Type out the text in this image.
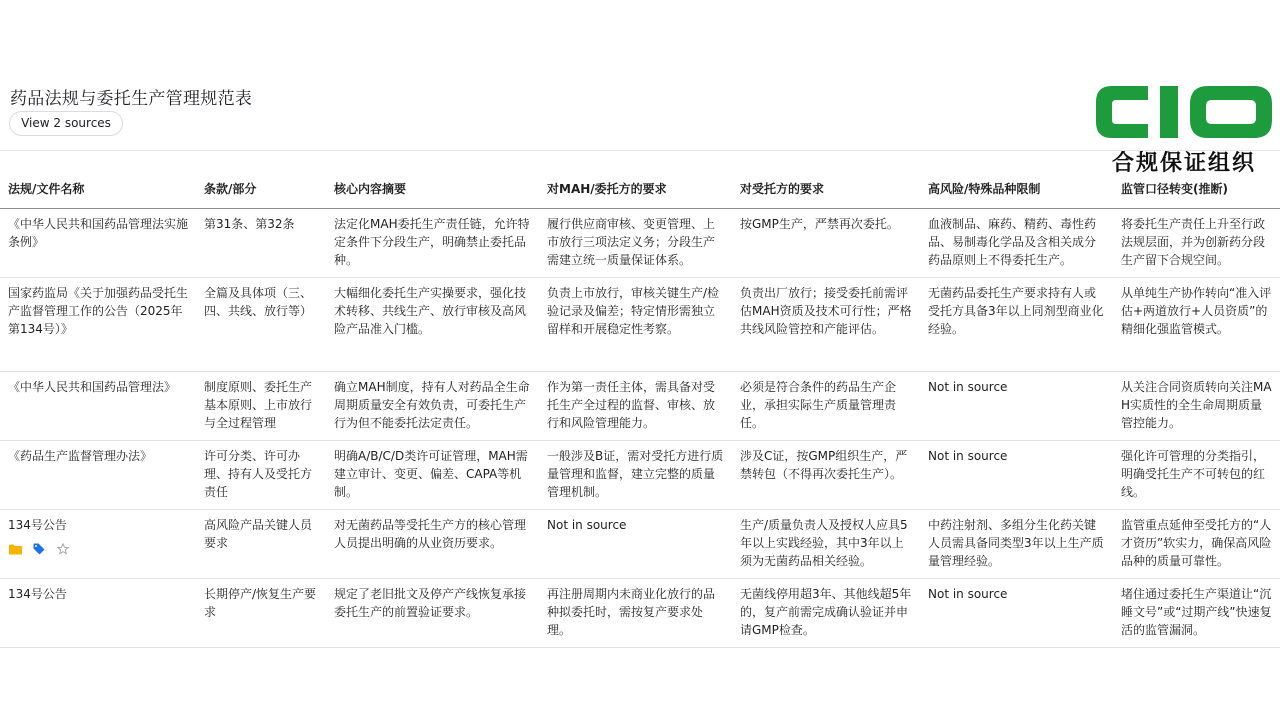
药品法规与委托生产管理规范表
View 2 sources
合规保证组织
法规/文件名称	条款/部分	核心内容摘要	对MAH/委托方的要求	对受托方的要求	高风险/特殊品种限制	监管口径转变(推断)
《中华人民共和国药品管理法实施条例》	第31条、第32条	法定化MAH委托生产责任链，允许特定条件下分段生产，明确禁止委托品种。	履行供应商审核、变更管理、上市放行三项法定义务；分段生产需建立统一质量保证体系。	按GMP生产，严禁再次委托。	血液制品、麻药、精药、毒性药品、易制毒化学品及含相关成分药品原则上不得委托生产。	将委托生产责任上升至行政法规层面，并为创新药分段生产留下合规空间。
国家药监局《关于加强药品受托生产监督管理工作的公告（2025年第134号）》	全篇及具体项（三、四、共线、放行等）	大幅细化委托生产实操要求，强化技术转移、共线生产、放行审核及高风险产品准入门槛。	负责上市放行，审核关键生产/检验记录及偏差；特定情形需独立留样和开展稳定性考察。	负责出厂放行；接受委托前需评估MAH资质及技术可行性；严格共线风险管控和产能评估。	无菌药品委托生产要求持有人或受托方具备3年以上同剂型商业化经验。	从单纯生产协作转向“准入评估+两道放行+人员资质”的精细化强监管模式。
《中华人民共和国药品管理法》	制度原则、委托生产基本原则、上市放行与全过程管理	确立MAH制度，持有人对药品全生命周期质量安全有效负责，可委托生产行为但不能委托法定责任。	作为第一责任主体，需具备对受托生产全过程的监督、审核、放行和风险管理能力。	必须是符合条件的药品生产企业，承担实际生产质量管理责任。	Not in source	从关注合同资质转向关注MAH实质性的全生命周期质量管控能力。
《药品生产监督管理办法》	许可分类、许可办理、持有人及受托方责任	明确A/B/C/D类许可证管理，MAH需建立审计、变更、偏差、CAPA等机制。	一般涉及B证，需对受托方进行质量管理和监督，建立完整的质量管理机制。	涉及C证，按GMP组织生产，严禁转包（不得再次委托生产）。	Not in source	强化许可管理的分类指引，明确受托生产不可转包的红线。

134号公告	高风险产品关键人员要求	对无菌药品等受托生产方的核心管理人员提出明确的从业资历要求。	Not in source	生产/质量负责人及授权人应具5年以上实践经验，其中3年以上须为无菌药品相关经验。	中药注射剂、多组分生化药关键人员需具备同类型3年以上生产质量管理经验。	监管重点延伸至受托方的“人才资历”软实力，确保高风险品种的质量可靠性。
134号公告	长期停产/恢复生产要求	规定了老旧批文及停产产线恢复承接委托生产的前置验证要求。	再注册周期内未商业化放行的品种拟委托时，需按复产要求处理。	无菌线停用超3年、其他线超5年的，复产前需完成确认验证并申请GMP检查。	Not in source	堵住通过委托生产渠道让“沉睡文号”或“过期产线”快速复活的监管漏洞。
